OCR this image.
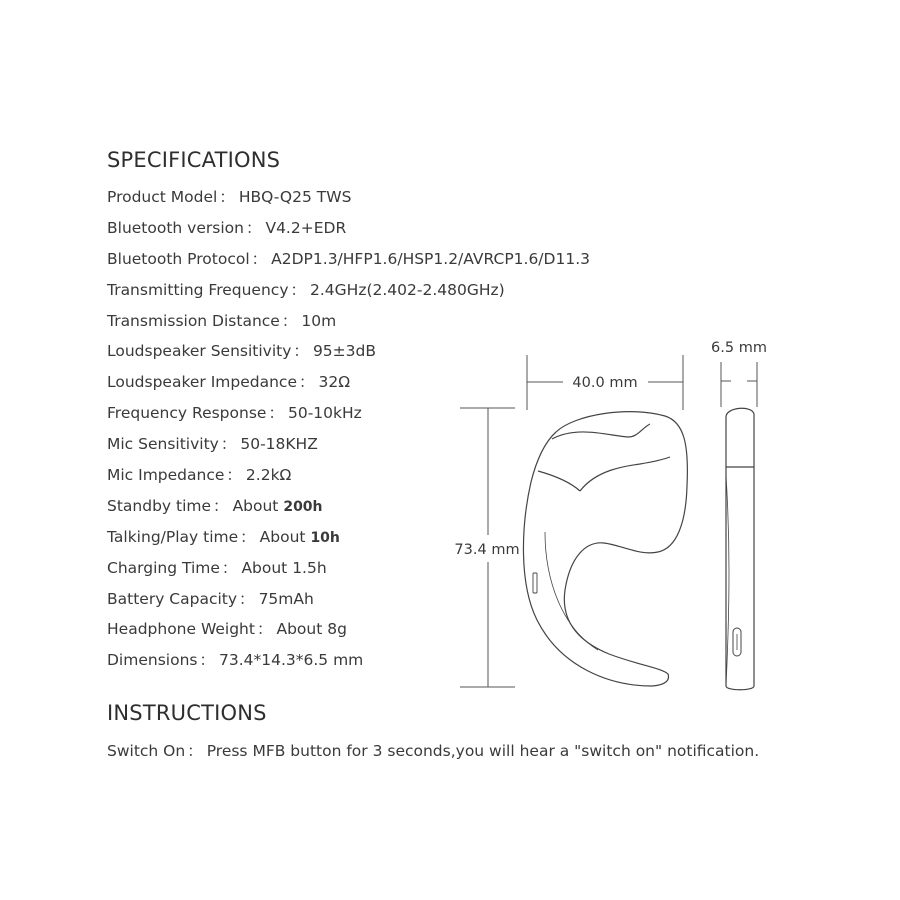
SPECIFICATIONS
Product Model ： HBQ-Q25 TWS
Bluetooth version ： V4.2+EDR
Bluetooth Protocol ： A2DP1.3/HFP1.6/HSP1.2/AVRCP1.6/D11.3
Transmitting Frequency ： 2.4GHz(2.402-2.480GHz)
Transmission Distance ： 10m
Loudspeaker Sensitivity ： 95±3dB
Loudspeaker Impedance ： 32Ω
Frequency Response ： 50-10kHz
Mic Sensitivity ： 50-18KHZ
Mic Impedance ： 2.2kΩ
Standby time ： About 200h
Talking/Play time ： About 10h
Charging Time ： About 1.5h
Battery Capacity ： 75mAh
Headphone Weight ： About 8g
Dimensions ： 73.4*14.3*6.5 mm
INSTRUCTIONS
Switch On ： Press MFB button for 3 seconds,you will hear a "switch on" notification.
40.0 mm
73.4 mm
6.5 mm
